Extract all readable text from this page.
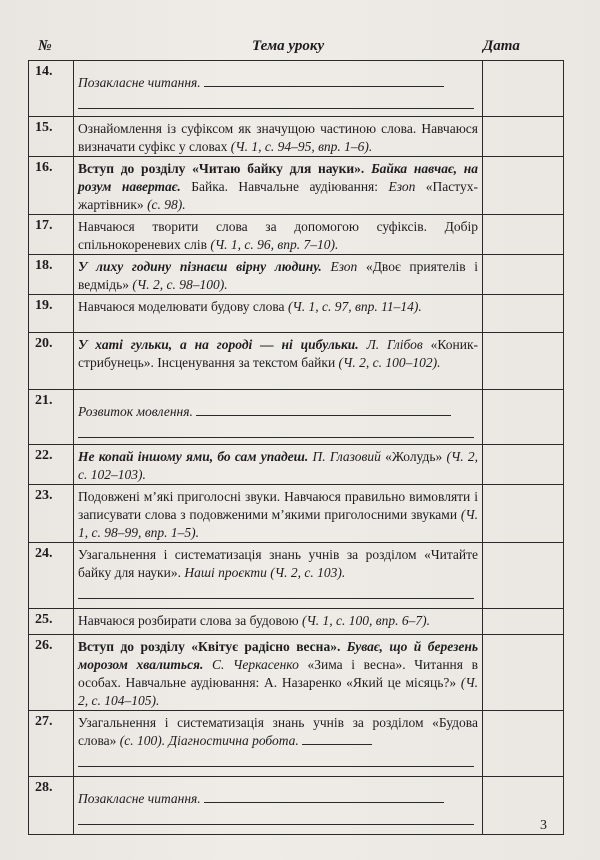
№	Тема уроку	Дата
14.	Позакласне читання.	

15.	Ознайомлення із суфіксом як значущою частиною слова. Навчаюся визначати суфікс у словах (Ч. 1, с. 94–95, впр. 1–6).	
16.	Вступ до розділу «Читаю байку для науки». Байка навчає, на розум навертає. Байка. Навчальне аудіювання: Езоп «Пастух-жартівник» (с. 98).	
17.	Навчаюся творити слова за допомогою суфіксів. Добір спільнокореневих слів (Ч. 1, с. 96, впр. 7–10).	
18.	У лиху годину пізнаєш вірну людину. Езоп «Двоє приятелів і ведмідь» (Ч. 2, с. 98–100).	
19.	Навчаюся моделювати будову слова (Ч. 1, с. 97, впр. 11–14).	
20.	У хаті гульки, а на городі — ні цибульки. Л. Глібов «Коник-стрибунець». Інсценування за текстом байки (Ч. 2, с. 100–102).	
21.	Розвиток мовлення.	

22.	Не копай іншому ями, бо сам упадеш. П. Глазовий «Жолудь» (Ч. 2, с. 102–103).	
23.	Подовжені м’які приголосні звуки. Навчаюся правильно вимовляти і записувати слова з подовженими м’якими приголосними звуками (Ч. 1, с. 98–99, впр. 1–5).	
24.	Узагальнення і систематизація знань учнів за розділом «Читайте байку для науки». Наші проєкти (Ч. 2, с. 103).

25.	Навчаюся розбирати слова за будовою (Ч. 1, с. 100, впр. 6–7).	
26.	Вступ до розділу «Квітує радісно весна». Буває, що й березень морозом хвалиться. С. Черкасенко «Зима і весна». Читання в особах. Навчальне аудіювання: А. Назаренко «Який це місяць?» (Ч. 2, с. 104–105).	
27.	Узагальнення і систематизація знань учнів за розділом «Будова слова» (с. 100). Діагностична робота.

28.	Позакласне читання.	

3
